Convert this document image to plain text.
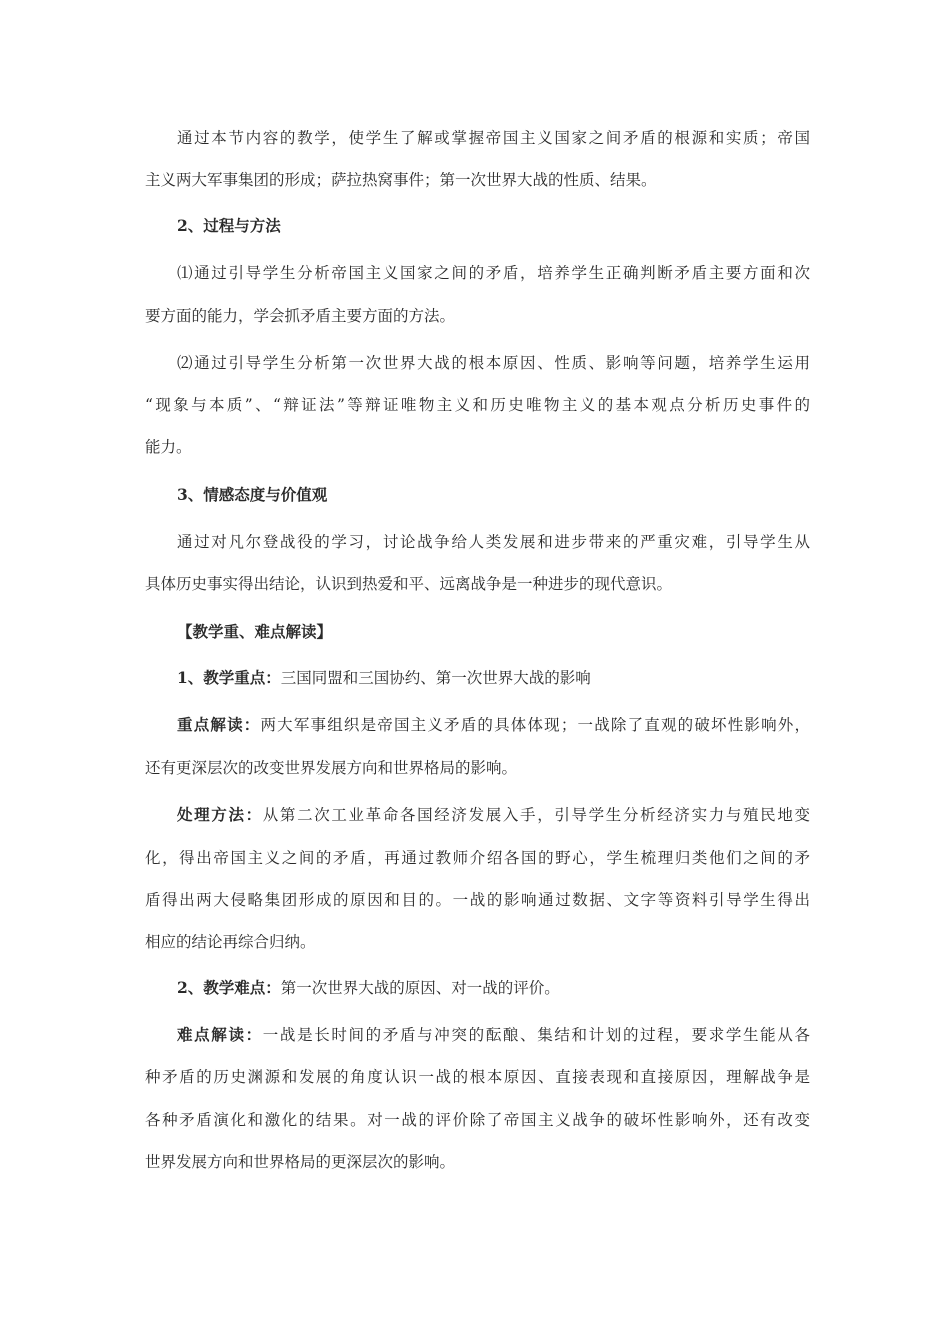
通过本节内容的教学，使学生了解或掌握帝国主义国家之间矛盾的根源和实质；帝国
主义两大军事集团的形成；萨拉热窝事件；第一次世界大战的性质、结果。
2、过程与方法
⑴通过引导学生分析帝国主义国家之间的矛盾，培养学生正确判断矛盾主要方面和次
要方面的能力，学会抓矛盾主要方面的方法。
⑵通过引导学生分析第一次世界大战的根本原因、性质、影响等问题，培养学生运用
“现象与本质”、“辩证法”等辩证唯物主义和历史唯物主义的基本观点分析历史事件的
能力。
3、情感态度与价值观
通过对凡尔登战役的学习，讨论战争给人类发展和进步带来的严重灾难，引导学生从
具体历史事实得出结论，认识到热爱和平、远离战争是一种进步的现代意识。
【教学重、难点解读】
1、教学重点：三国同盟和三国协约、第一次世界大战的影响
重点解读：两大军事组织是帝国主义矛盾的具体体现；一战除了直观的破坏性影响外，
还有更深层次的改变世界发展方向和世界格局的影响。
处理方法：从第二次工业革命各国经济发展入手，引导学生分析经济实力与殖民地变
化，得出帝国主义之间的矛盾，再通过教师介绍各国的野心，学生梳理归类他们之间的矛
盾得出两大侵略集团形成的原因和目的。一战的影响通过数据、文字等资料引导学生得出
相应的结论再综合归纳。
2、教学难点：第一次世界大战的原因、对一战的评价。
难点解读：一战是长时间的矛盾与冲突的酝酿、集结和计划的过程，要求学生能从各
种矛盾的历史渊源和发展的角度认识一战的根本原因、直接表现和直接原因，理解战争是
各种矛盾演化和激化的结果。对一战的评价除了帝国主义战争的破坏性影响外，还有改变
世界发展方向和世界格局的更深层次的影响。
